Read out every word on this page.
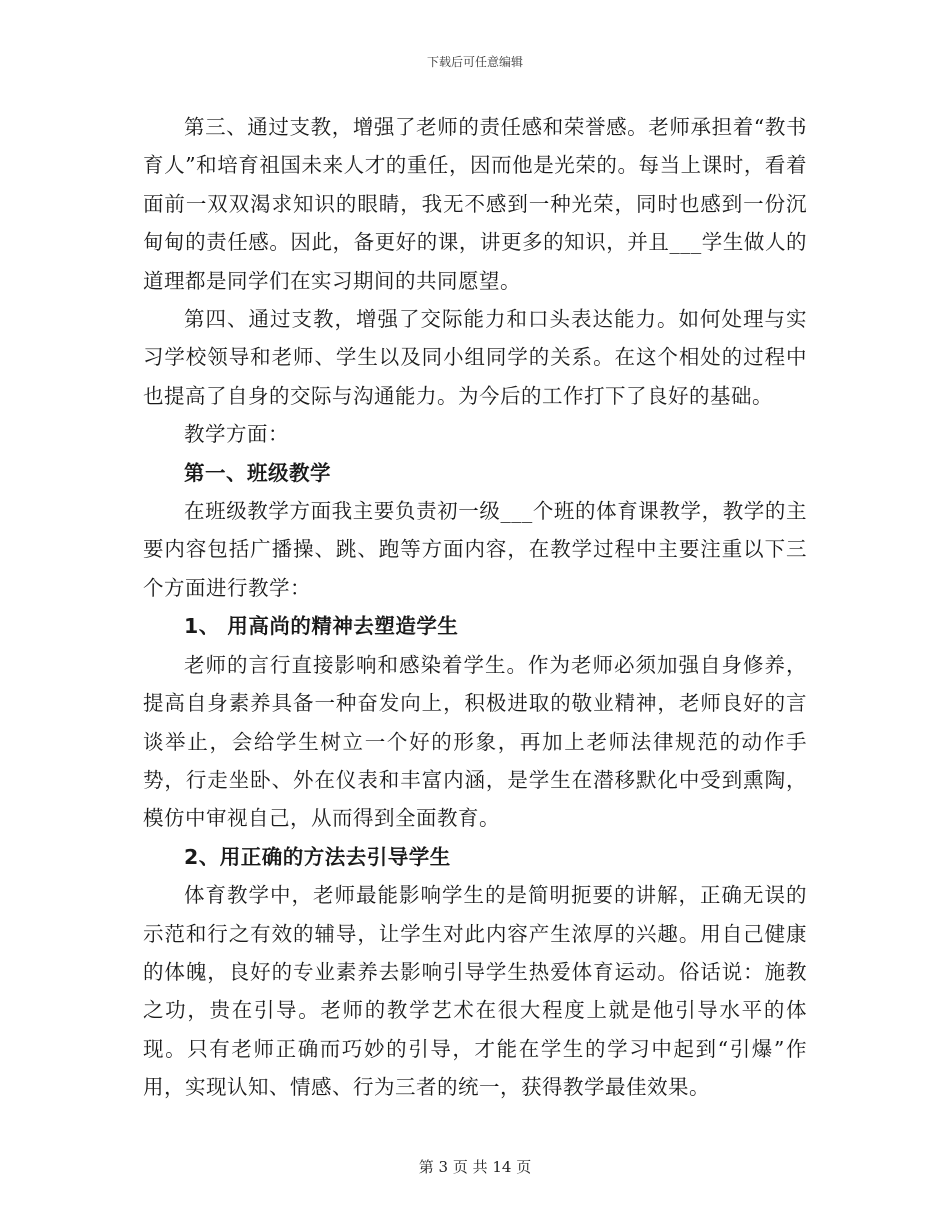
下载后可任意编辑

第三、通过支教，增强了老师的责任感和荣誉感。老师承担着“教书育人”和培育祖国未来人才的重任，因而他是光荣的。每当上课时，看着面前一双双渴求知识的眼睛，我无不感到一种光荣，同时也感到一份沉甸甸的责任感。因此，备更好的课，讲更多的知识，并且___学生做人的道理都是同学们在实习期间的共同愿望。

第四、通过支教，增强了交际能力和口头表达能力。如何处理与实习学校领导和老师、学生以及同小组同学的关系。在这个相处的过程中也提高了自身的交际与沟通能力。为今后的工作打下了良好的基础。

教学方面：

第一、班级教学

在班级教学方面我主要负责初一级___个班的体育课教学，教学的主要内容包括广播操、跳、跑等方面内容，在教学过程中主要注重以下三个方面进行教学：

1、 用高尚的精神去塑造学生

老师的言行直接影响和感染着学生。作为老师必须加强自身修养，提高自身素养具备一种奋发向上，积极进取的敬业精神，老师良好的言谈举止，会给学生树立一个好的形象，再加上老师法律规范的动作手势，行走坐卧、外在仪表和丰富内涵，是学生在潜移默化中受到熏陶，模仿中审视自己，从而得到全面教育。

2、用正确的方法去引导学生

体育教学中，老师最能影响学生的是简明扼要的讲解，正确无误的示范和行之有效的辅导，让学生对此内容产生浓厚的兴趣。用自己健康的体魄，良好的专业素养去影响引导学生热爱体育运动。俗话说：施教之功，贵在引导。老师的教学艺术在很大程度上就是他引导水平的体现。只有老师正确而巧妙的引导，才能在学生的学习中起到“引爆”作用，实现认知、情感、行为三者的统一，获得教学最佳效果。

第 3 页 共 14 页
